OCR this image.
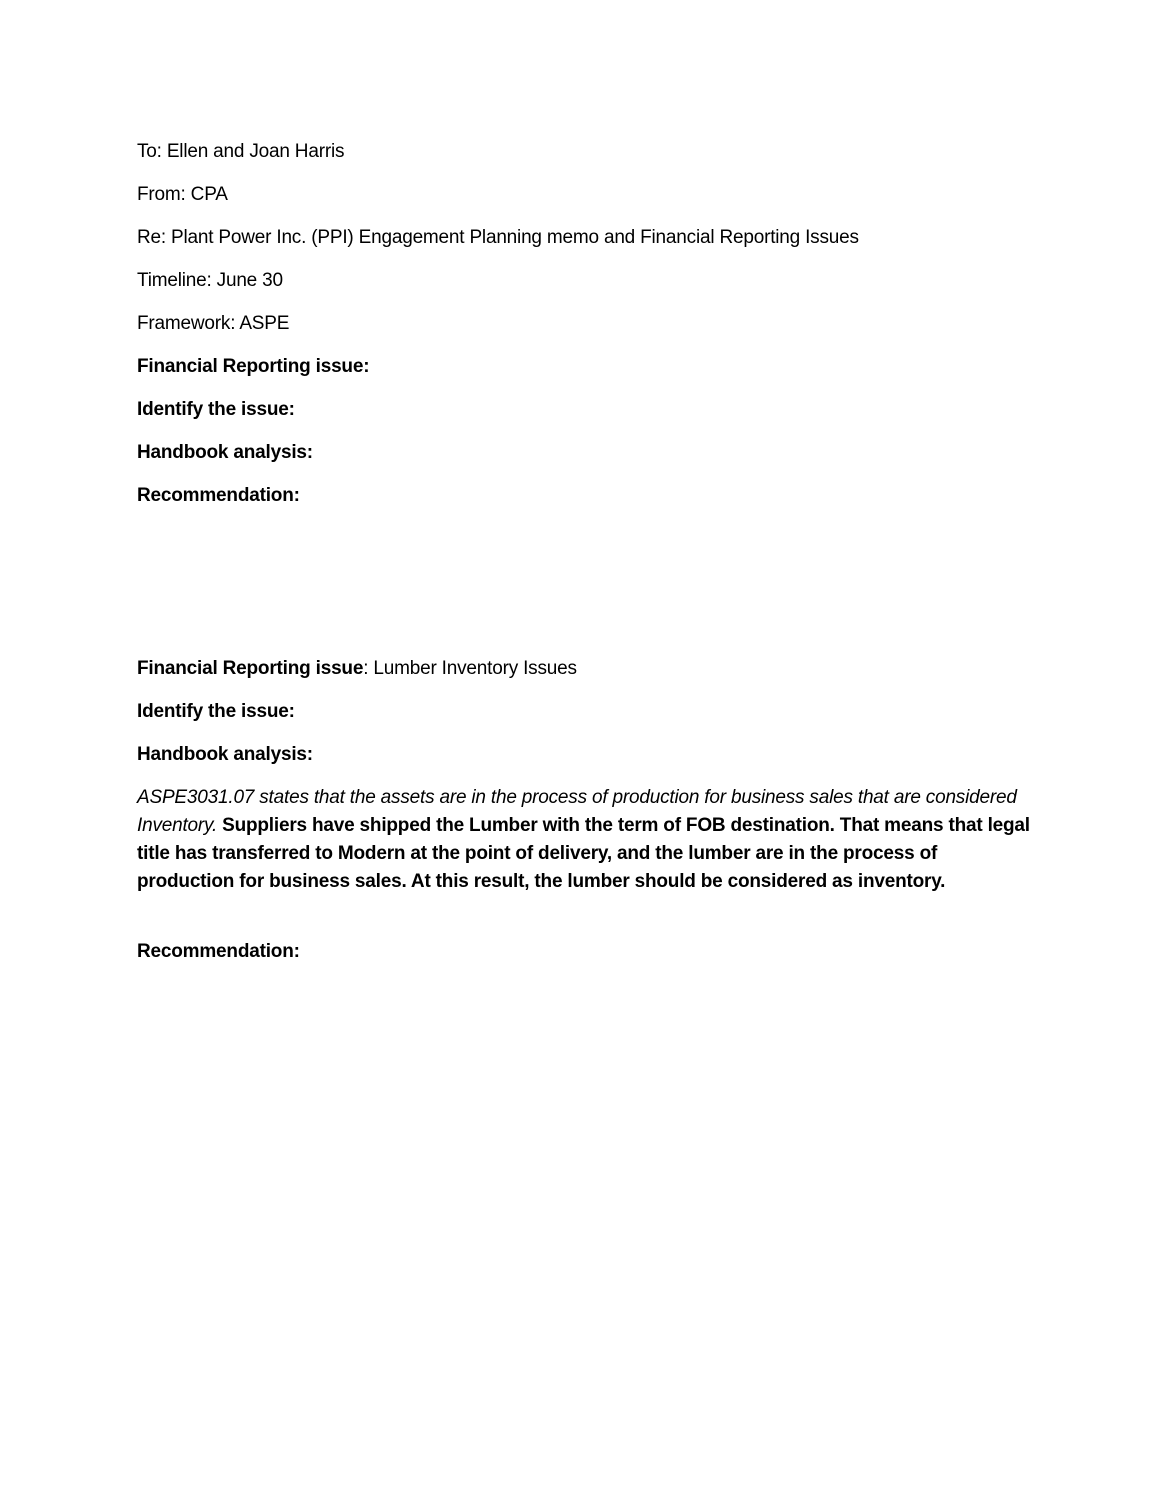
To: Ellen and Joan Harris
From: CPA
Re: Plant Power Inc. (PPI) Engagement Planning memo and Financial Reporting Issues
Timeline: June 30
Framework: ASPE
Financial Reporting issue:
Identify the issue:
Handbook analysis:
Recommendation:
Financial Reporting issue: Lumber Inventory Issues
Identify the issue:
Handbook analysis:
ASPE3031.07 states that the assets are in the process of production for business sales that are considered Inventory. Suppliers have shipped the Lumber with the term of FOB destination. That means that legal title has transferred to Modern at the point of delivery, and the lumber are in the process of production for business sales. At this result, the lumber should be considered as inventory.
Recommendation:
